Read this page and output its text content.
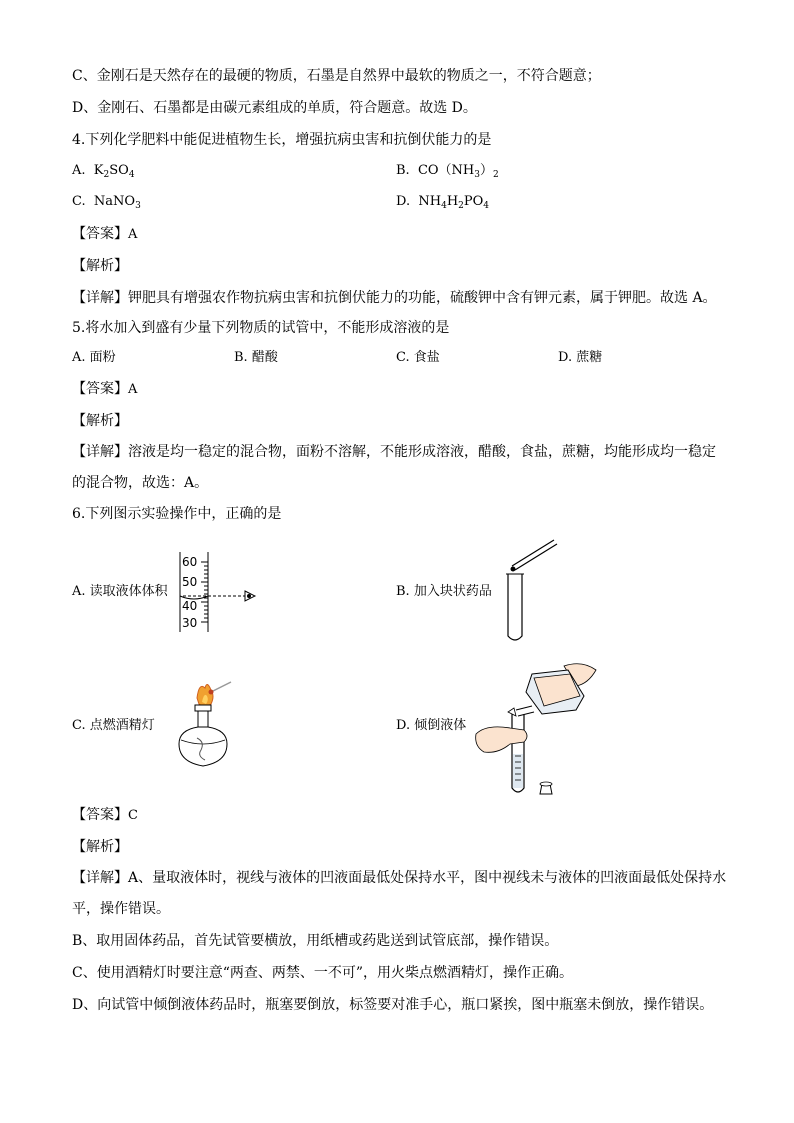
C、金刚石是天然存在的最硬的物质，石墨是自然界中最软的物质之一，不符合题意；
D、金刚石、石墨都是由碳元素组成的单质，符合题意。故选 D。
4.下列化学肥料中能促进植物生长，增强抗病虫害和抗倒伏能力的是
A. $K_2SO_4$	B. $CO(NH_3)_2$
C. NaNO$_3$	D. $NH_4H_2PO_4$
【答案】A
【解析】
【详解】钾肥具有增强农作物抗病虫害和抗倒伏能力的功能，硫酸钾中含有钾元素，属于钾肥。故选 A。
5.将水加入到盛有少量下列物质的试管中，不能形成溶液的是
A. 面粉	B. 醋酸	C. 食盐	D. 蔗糖
【答案】A
【解析】
【详解】溶液是均一稳定的混合物，面粉不溶解，不能形成溶液，醋酸，食盐，蔗糖，均能形成均一稳定
的混合物，故选：A。
6.下列图示实验操作中，正确的是
A. 读取液体体积
60
50
40
30
B. 加入块状药品
C. 点燃酒精灯	D. 倾倒液体
【答案】C
【解析】
【详解】A、量取液体时，视线与液体的凹液面最低处保持水平，图中视线未与液体的凹液面最低处保持水
平，操作错误。
B、取用固体药品，首先试管要横放，用纸槽或药匙送到试管底部，操作错误。
C、使用酒精灯时要注意“两查、两禁、一不可”，用火柴点燃酒精灯，操作正确。
D、向试管中倾倒液体药品时，瓶塞要倒放，标签要对准手心，瓶口紧挨，图中瓶塞未倒放，操作错误。
